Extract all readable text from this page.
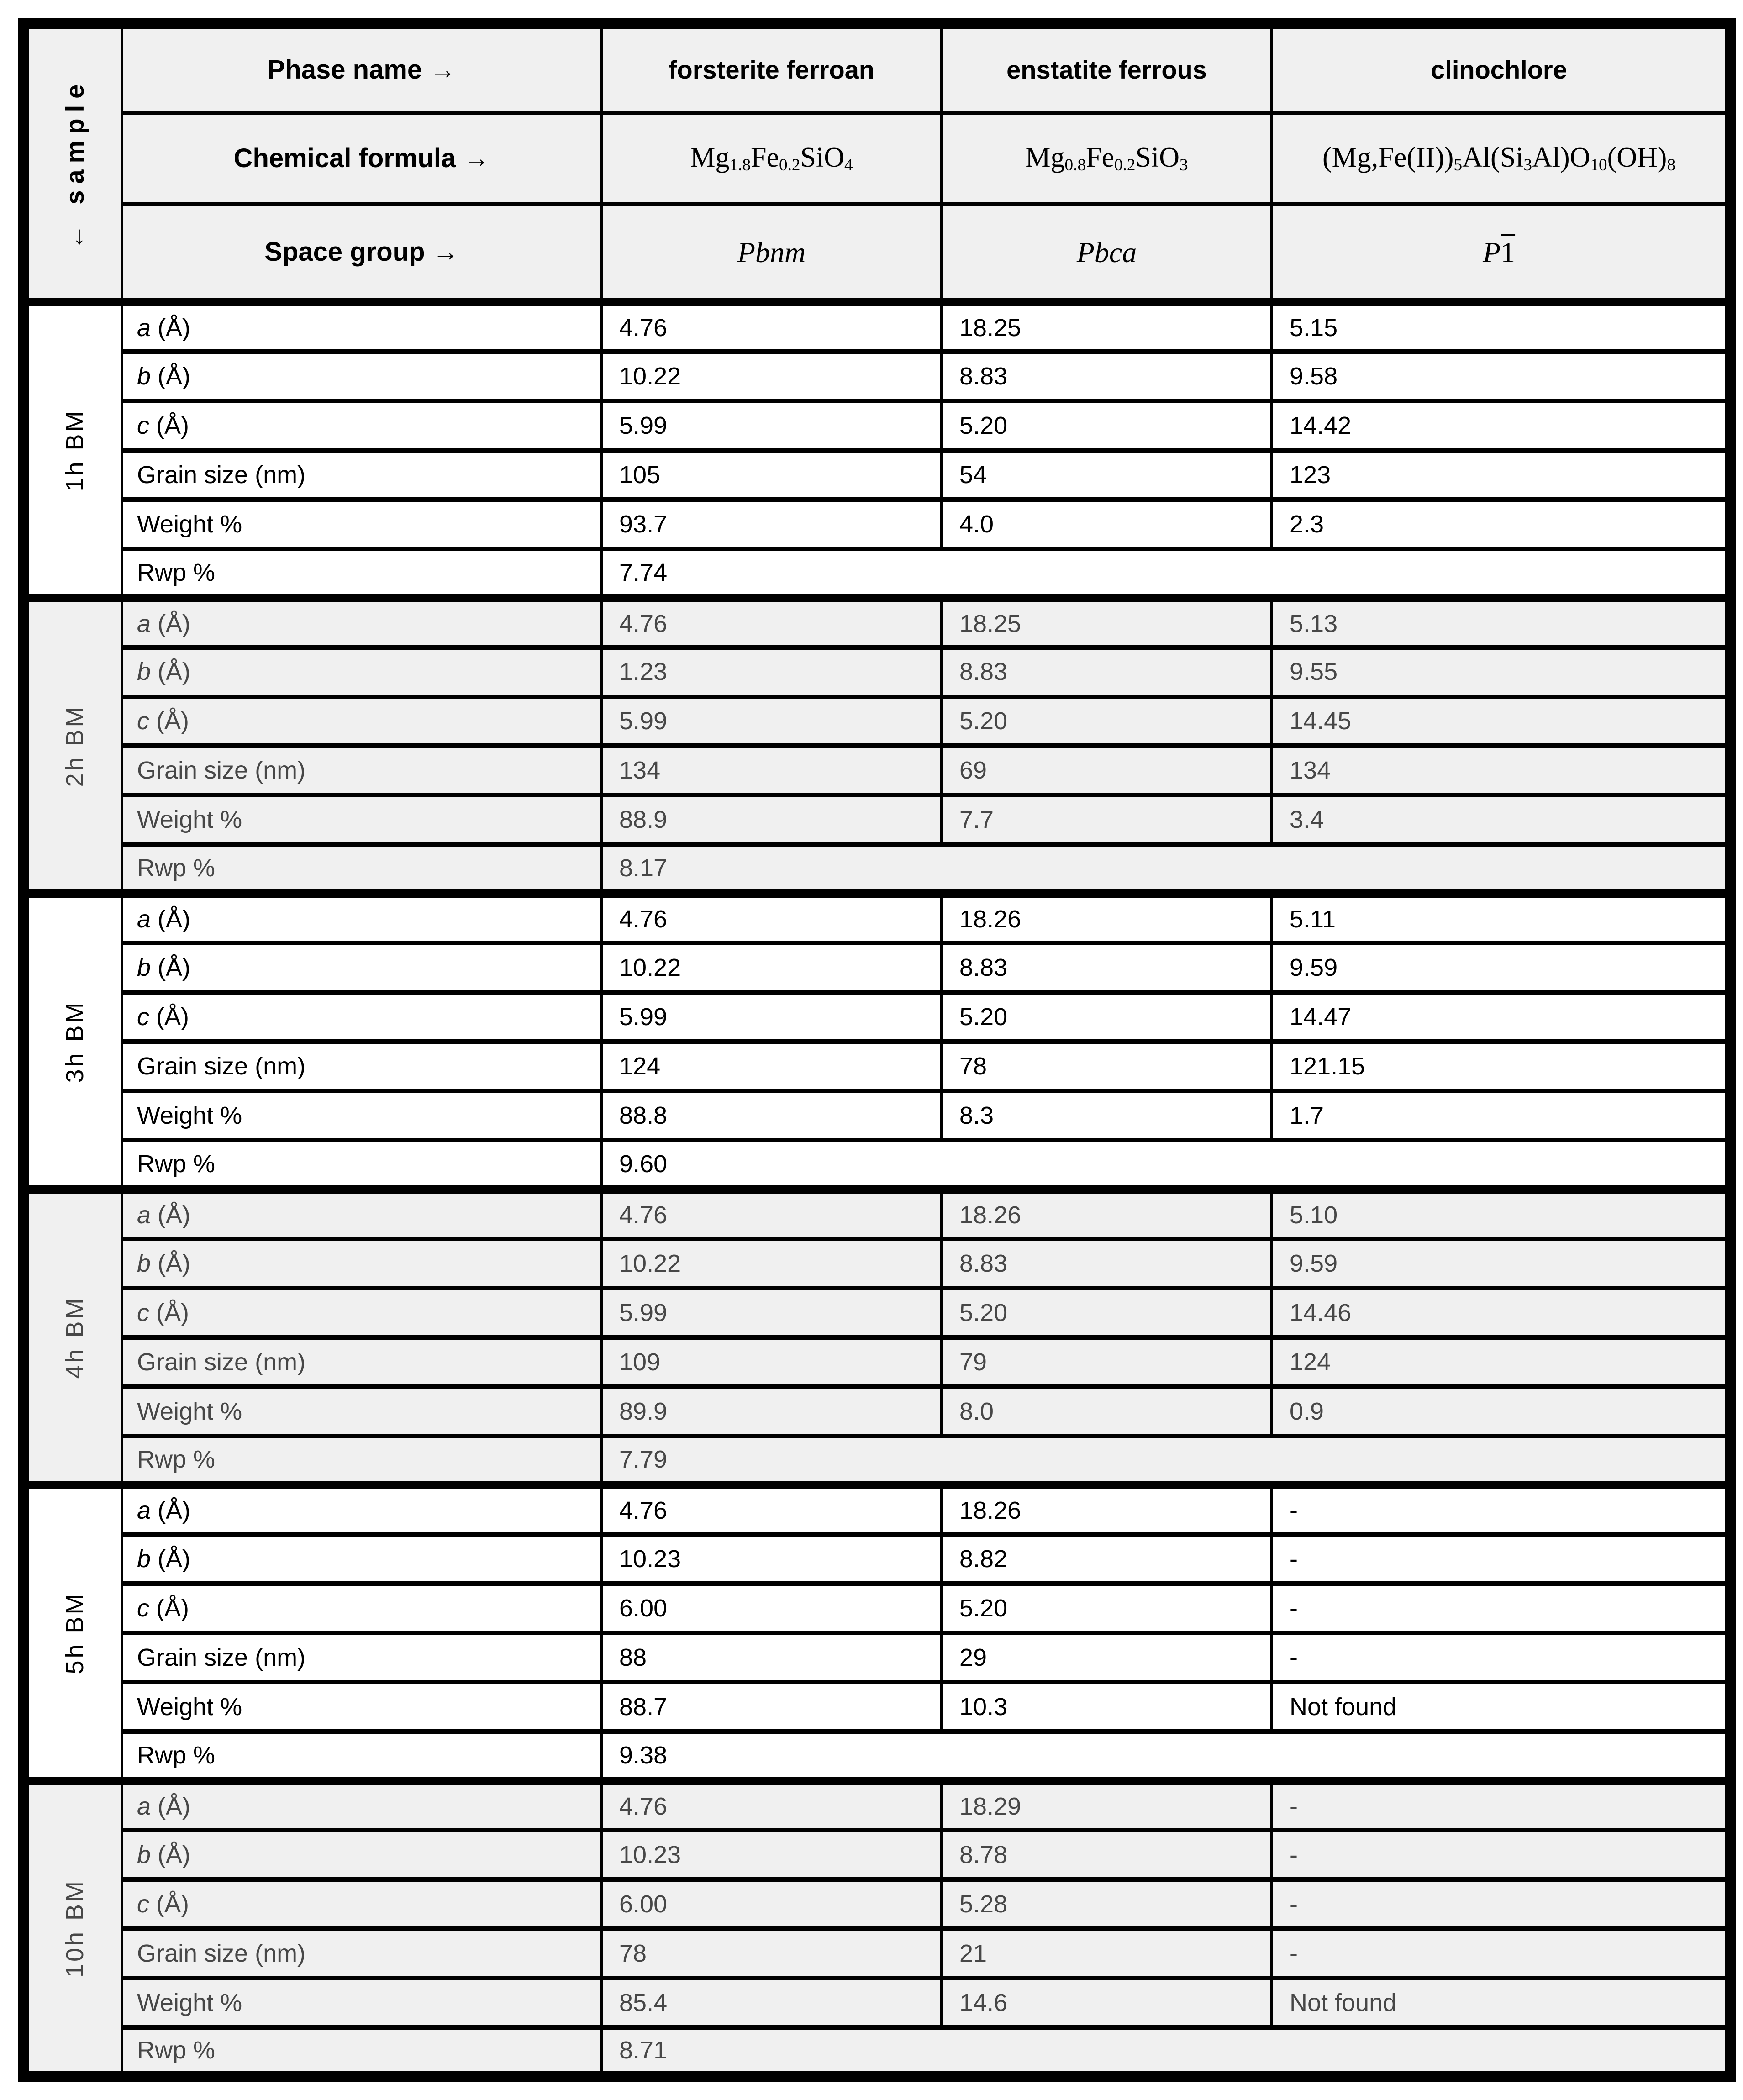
← sample	Phase name →	forsterite ferroan	enstatite ferrous	clinochlore
	Chemical formula →	Mg1.8Fe0.2SiO4	Mg0.8Fe0.2SiO3	(Mg,Fe(II))5Al(Si3Al)O10(OH)8
	Space group →	Pbnm	Pbca	P1

1h BM	a (Å)	4.76	18.25	5.15
	b (Å)	10.22	8.83	9.58
	c (Å)	5.99	5.20	14.42
	Grain size (nm)	105	54	123
	Weight %	93.7	4.0	2.3
	Rwp %	7.74		

2h BM	a (Å)	4.76	18.25	5.13
	b (Å)	1.23	8.83	9.55
	c (Å)	5.99	5.20	14.45
	Grain size (nm)	134	69	134
	Weight %	88.9	7.7	3.4
	Rwp %	8.17		

3h BM	a (Å)	4.76	18.26	5.11
	b (Å)	10.22	8.83	9.59
	c (Å)	5.99	5.20	14.47
	Grain size (nm)	124	78	121.15
	Weight %	88.8	8.3	1.7
	Rwp %	9.60		

4h BM	a (Å)	4.76	18.26	5.10
	b (Å)	10.22	8.83	9.59
	c (Å)	5.99	5.20	14.46
	Grain size (nm)	109	79	124
	Weight %	89.9	8.0	0.9
	Rwp %	7.79		

5h BM	a (Å)	4.76	18.26	-
	b (Å)	10.23	8.82	-
	c (Å)	6.00	5.20	-
	Grain size (nm)	88	29	-
	Weight %	88.7	10.3	Not found
	Rwp %	9.38		

10h BM	a (Å)	4.76	18.29	-
	b (Å)	10.23	8.78	-
	c (Å)	6.00	5.28	-
	Grain size (nm)	78	21	-
	Weight %	85.4	14.6	Not found
	Rwp %	8.71		
